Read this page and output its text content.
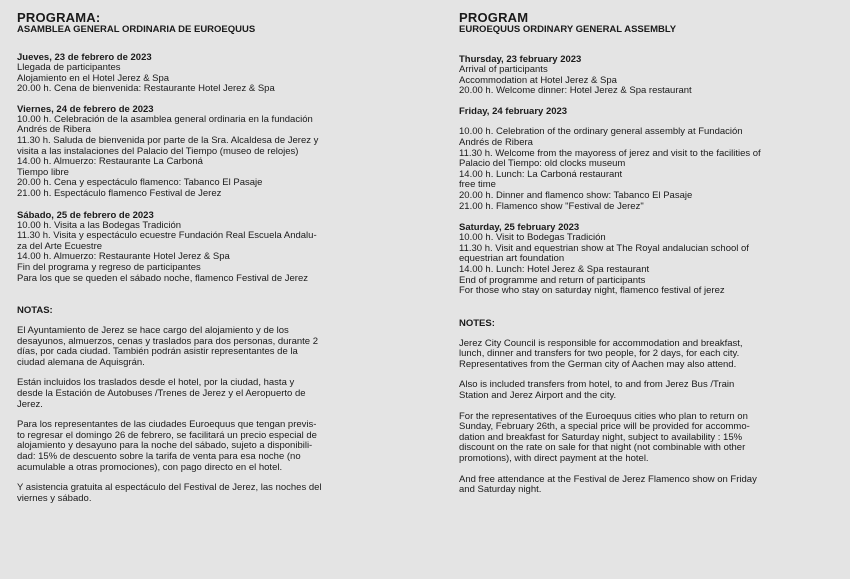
PROGRAMA:
ASAMBLEA GENERAL ORDINARIA DE EUROEQUUS
Jueves, 23 de febrero de 2023
Llegada de participantes
Alojamiento en el Hotel Jerez & Spa
20.00 h. Cena de bienvenida: Restaurante Hotel Jerez & Spa
Viernes, 24 de febrero de 2023
10.00 h. Celebración de la asamblea general ordinaria en la fundación
Andrés de Ribera
11.30 h. Saluda de bienvenida por parte de la Sra. Alcaldesa de Jerez y
visita a las instalaciones del Palacio del Tiempo (museo de relojes)
14.00 h. Almuerzo: Restaurante La Carboná
Tiempo libre
20.00 h. Cena y espectáculo flamenco: Tabanco El Pasaje
21.00 h. Espectáculo flamenco Festival de Jerez
Sábado, 25 de febrero de 2023
10.00 h. Visita a las Bodegas Tradición
11.30 h. Visita y espectáculo ecuestre Fundación Real Escuela Andalu-
za del Arte Ecuestre
14.00 h. Almuerzo: Restaurante Hotel Jerez & Spa
Fin del programa y regreso de participantes
Para los que se queden el sábado noche, flamenco Festival de Jerez
NOTAS:
El Ayuntamiento de Jerez se hace cargo del alojamiento y de los
desayunos, almuerzos, cenas y traslados para dos personas, durante 2
días, por cada ciudad. También podrán asistir representantes de la
ciudad alemana de Aquisgrán.
Están incluidos los traslados desde el hotel, por la ciudad, hasta y
desde la Estación de Autobuses /Trenes de Jerez y el Aeropuerto de
Jerez.
Para los representantes de las ciudades Euroequus que tengan previs-
to regresar el domingo 26 de febrero, se facilitará un precio especial de
alojamiento y desayuno para la noche del sábado, sujeto a disponibili-
dad: 15% de descuento sobre la tarifa de venta para esa noche (no
acumulable a otras promociones), con pago directo en el hotel.
Y asistencia gratuita al espectáculo del Festival de Jerez, las noches del
viernes y sábado.
PROGRAM
EUROEQUUS ORDINARY GENERAL ASSEMBLY
Thursday, 23 february 2023
Arrival of participants
Accommodation at Hotel Jerez & Spa
20.00 h. Welcome dinner: Hotel Jerez & Spa restaurant
Friday, 24 february 2023
10.00 h. Celebration of the ordinary general assembly at Fundación
Andrés de Ribera
11.30 h. Welcome from the mayoress of jerez and visit to the facilities of
Palacio del Tiempo: old clocks museum
14.00 h. Lunch: La Carboná restaurant
free time
20.00 h. Dinner and flamenco show: Tabanco El Pasaje
21.00 h. Flamenco show "Festival de Jerez"
Saturday, 25 february 2023
10.00 h. Visit to Bodegas Tradición
11.30 h. Visit and equestrian show at The Royal andalucian school of
equestrian art foundation
14.00 h. Lunch: Hotel Jerez & Spa restaurant
End of programme and return of participants
For those who stay on saturday night, flamenco festival of jerez
NOTES:
Jerez City Council is responsible for accommodation and breakfast,
lunch, dinner and transfers for two people, for 2 days, for each city.
Representatives from the German city of Aachen may also attend.
Also is included transfers from hotel, to and from Jerez Bus /Train
Station and Jerez Airport and the city.
For the representatives of the Euroequus cities who plan to return on
Sunday, February 26th, a special price will be provided for accommo-
dation and breakfast for Saturday night, subject to availability : 15%
discount on the rate on sale for that night (not combinable with other
promotions), with direct payment at the hotel.
And free attendance at the Festival de Jerez Flamenco show on Friday
and Saturday night.
